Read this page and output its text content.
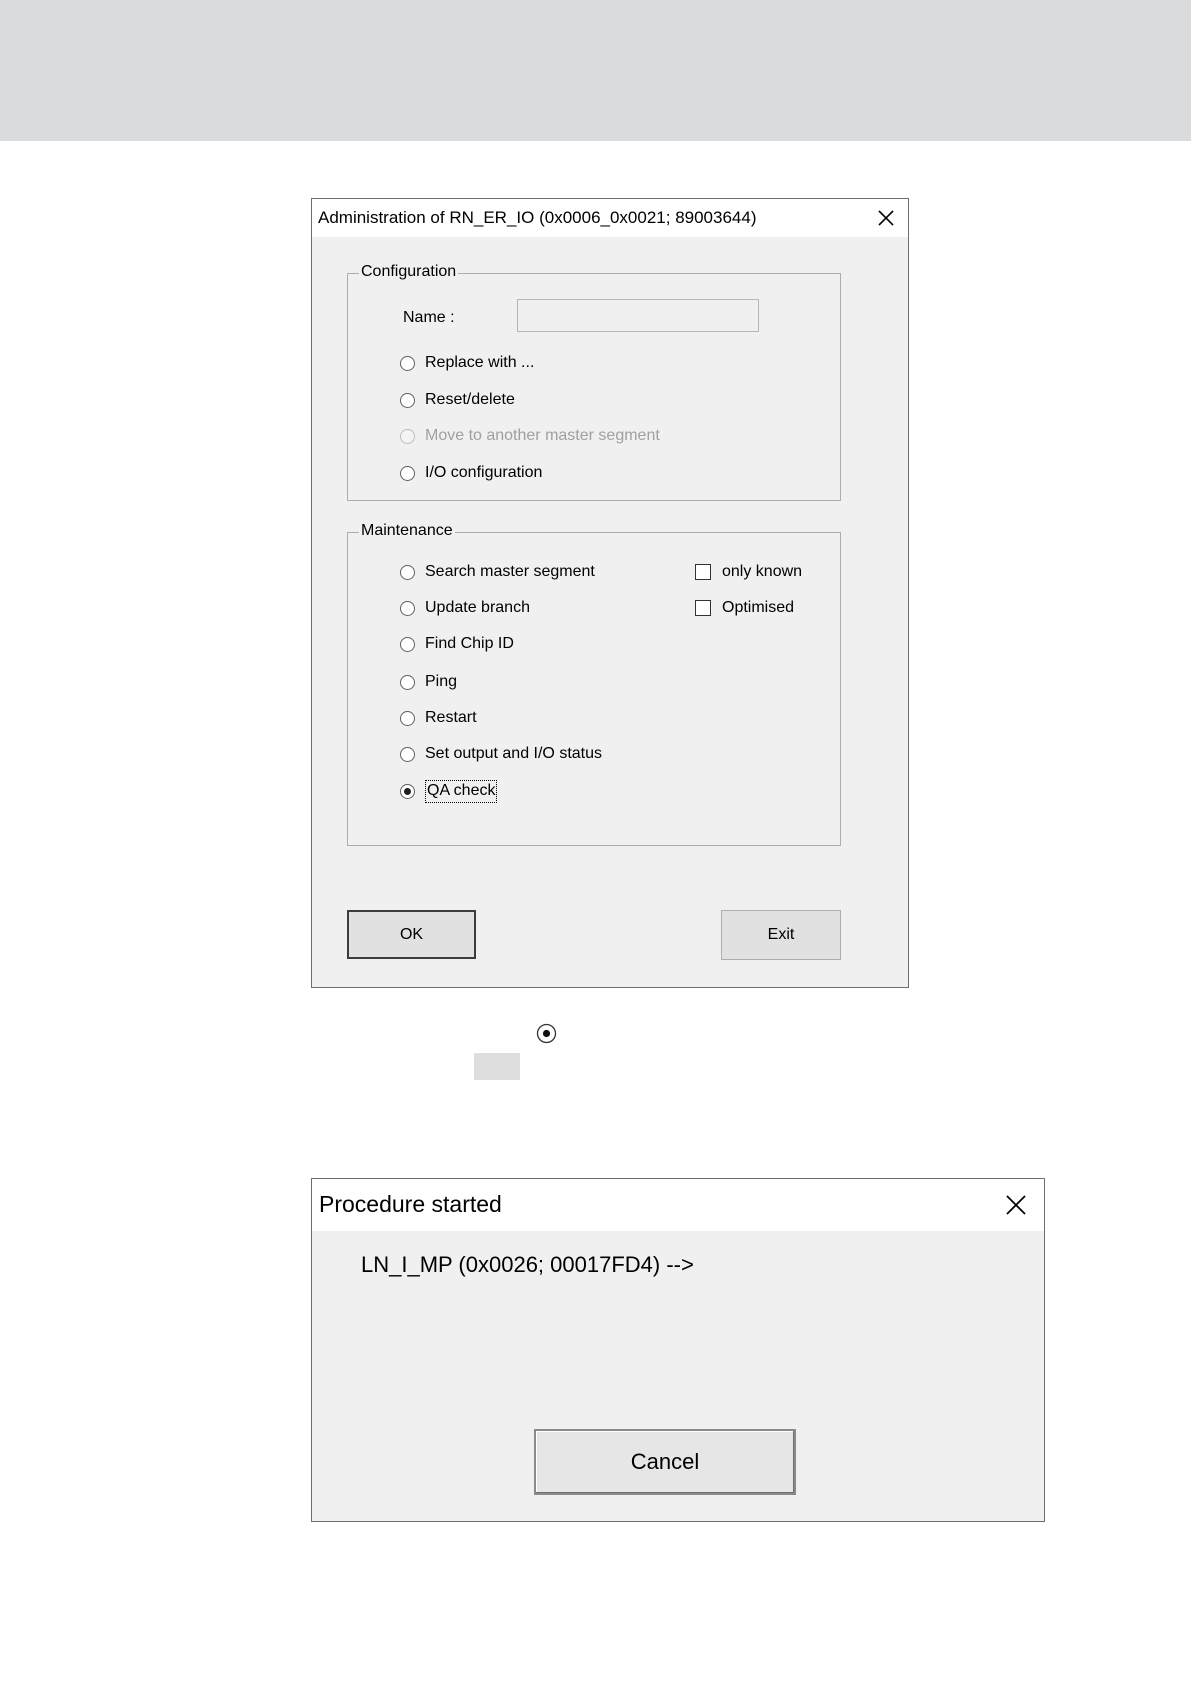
Administration of RN_ER_IO (0x0006_0x0021; 89003644)
Configuration
Name :
Replace with ...
Reset/delete
Move to another master segment
I/O configuration
Maintenance
Search master segment
Update branch
Find Chip ID
Ping
Restart
Set output and I/O status
QA check
only known
Optimised
OK	Exit
Procedure started
LN_I_MP (0x0026; 00017FD4) -->
Cancel
